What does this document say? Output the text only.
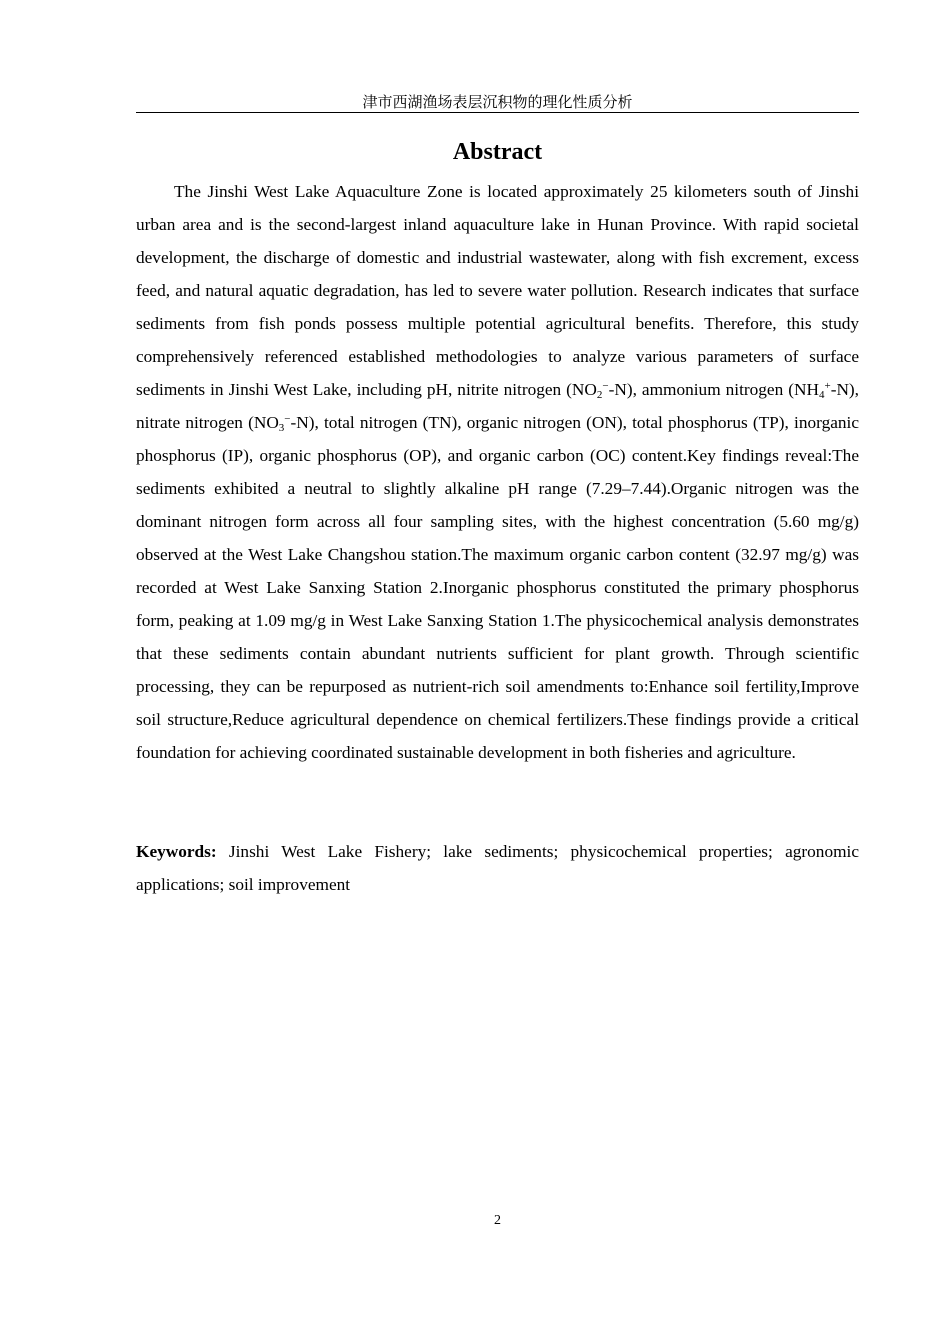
津市西湖渔场表层沉积物的理化性质分析
Abstract

The Jinshi West Lake Aquaculture Zone is located approximately 25 kilometers south of Jinshi urban area and is the second-largest inland aquaculture lake in Hunan Province. With rapid societal development, the discharge of domestic and industrial wastewater, along with fish excrement, excess feed, and natural aquatic degradation, has led to severe water pollution. Research indicates that surface sediments from fish ponds possess multiple potential agricultural benefits. Therefore, this study comprehensively referenced established methodologies to analyze various parameters of surface sediments in Jinshi West Lake, including pH, nitrite nitrogen $(NO_2^--N)$, ammonium nitrogen $(NH_4^+-N)$, nitrate nitrogen $(NO_3^--N)$, total nitrogen (TN), organic nitrogen (ON), total phosphorus (TP), inorganic phosphorus (IP), organic phosphorus (OP), and organic carbon (OC) content.Key findings reveal:The sediments exhibited a neutral to slightly alkaline pH range (7.29–7.44).Organic nitrogen was the dominant nitrogen form across all four sampling sites, with the highest concentration (5.60 mg/g) observed at the West Lake Changshou station.The maximum organic carbon content (32.97 mg/g) was recorded at West Lake Sanxing Station 2.Inorganic phosphorus constituted the primary phosphorus form, peaking at 1.09 mg/g in West Lake Sanxing Station 1.The physicochemical analysis demonstrates that these sediments contain abundant nutrients sufficient for plant growth. Through scientific processing, they can be repurposed as nutrient-rich soil amendments to:Enhance soil fertility,Improve soil structure,Reduce agricultural dependence on chemical fertilizers.These findings provide a critical foundation for achieving coordinated sustainable development in both fisheries and agriculture.

Keywords: Jinshi West Lake Fishery; lake sediments; physicochemical properties; agronomic applications; soil improvement

2
